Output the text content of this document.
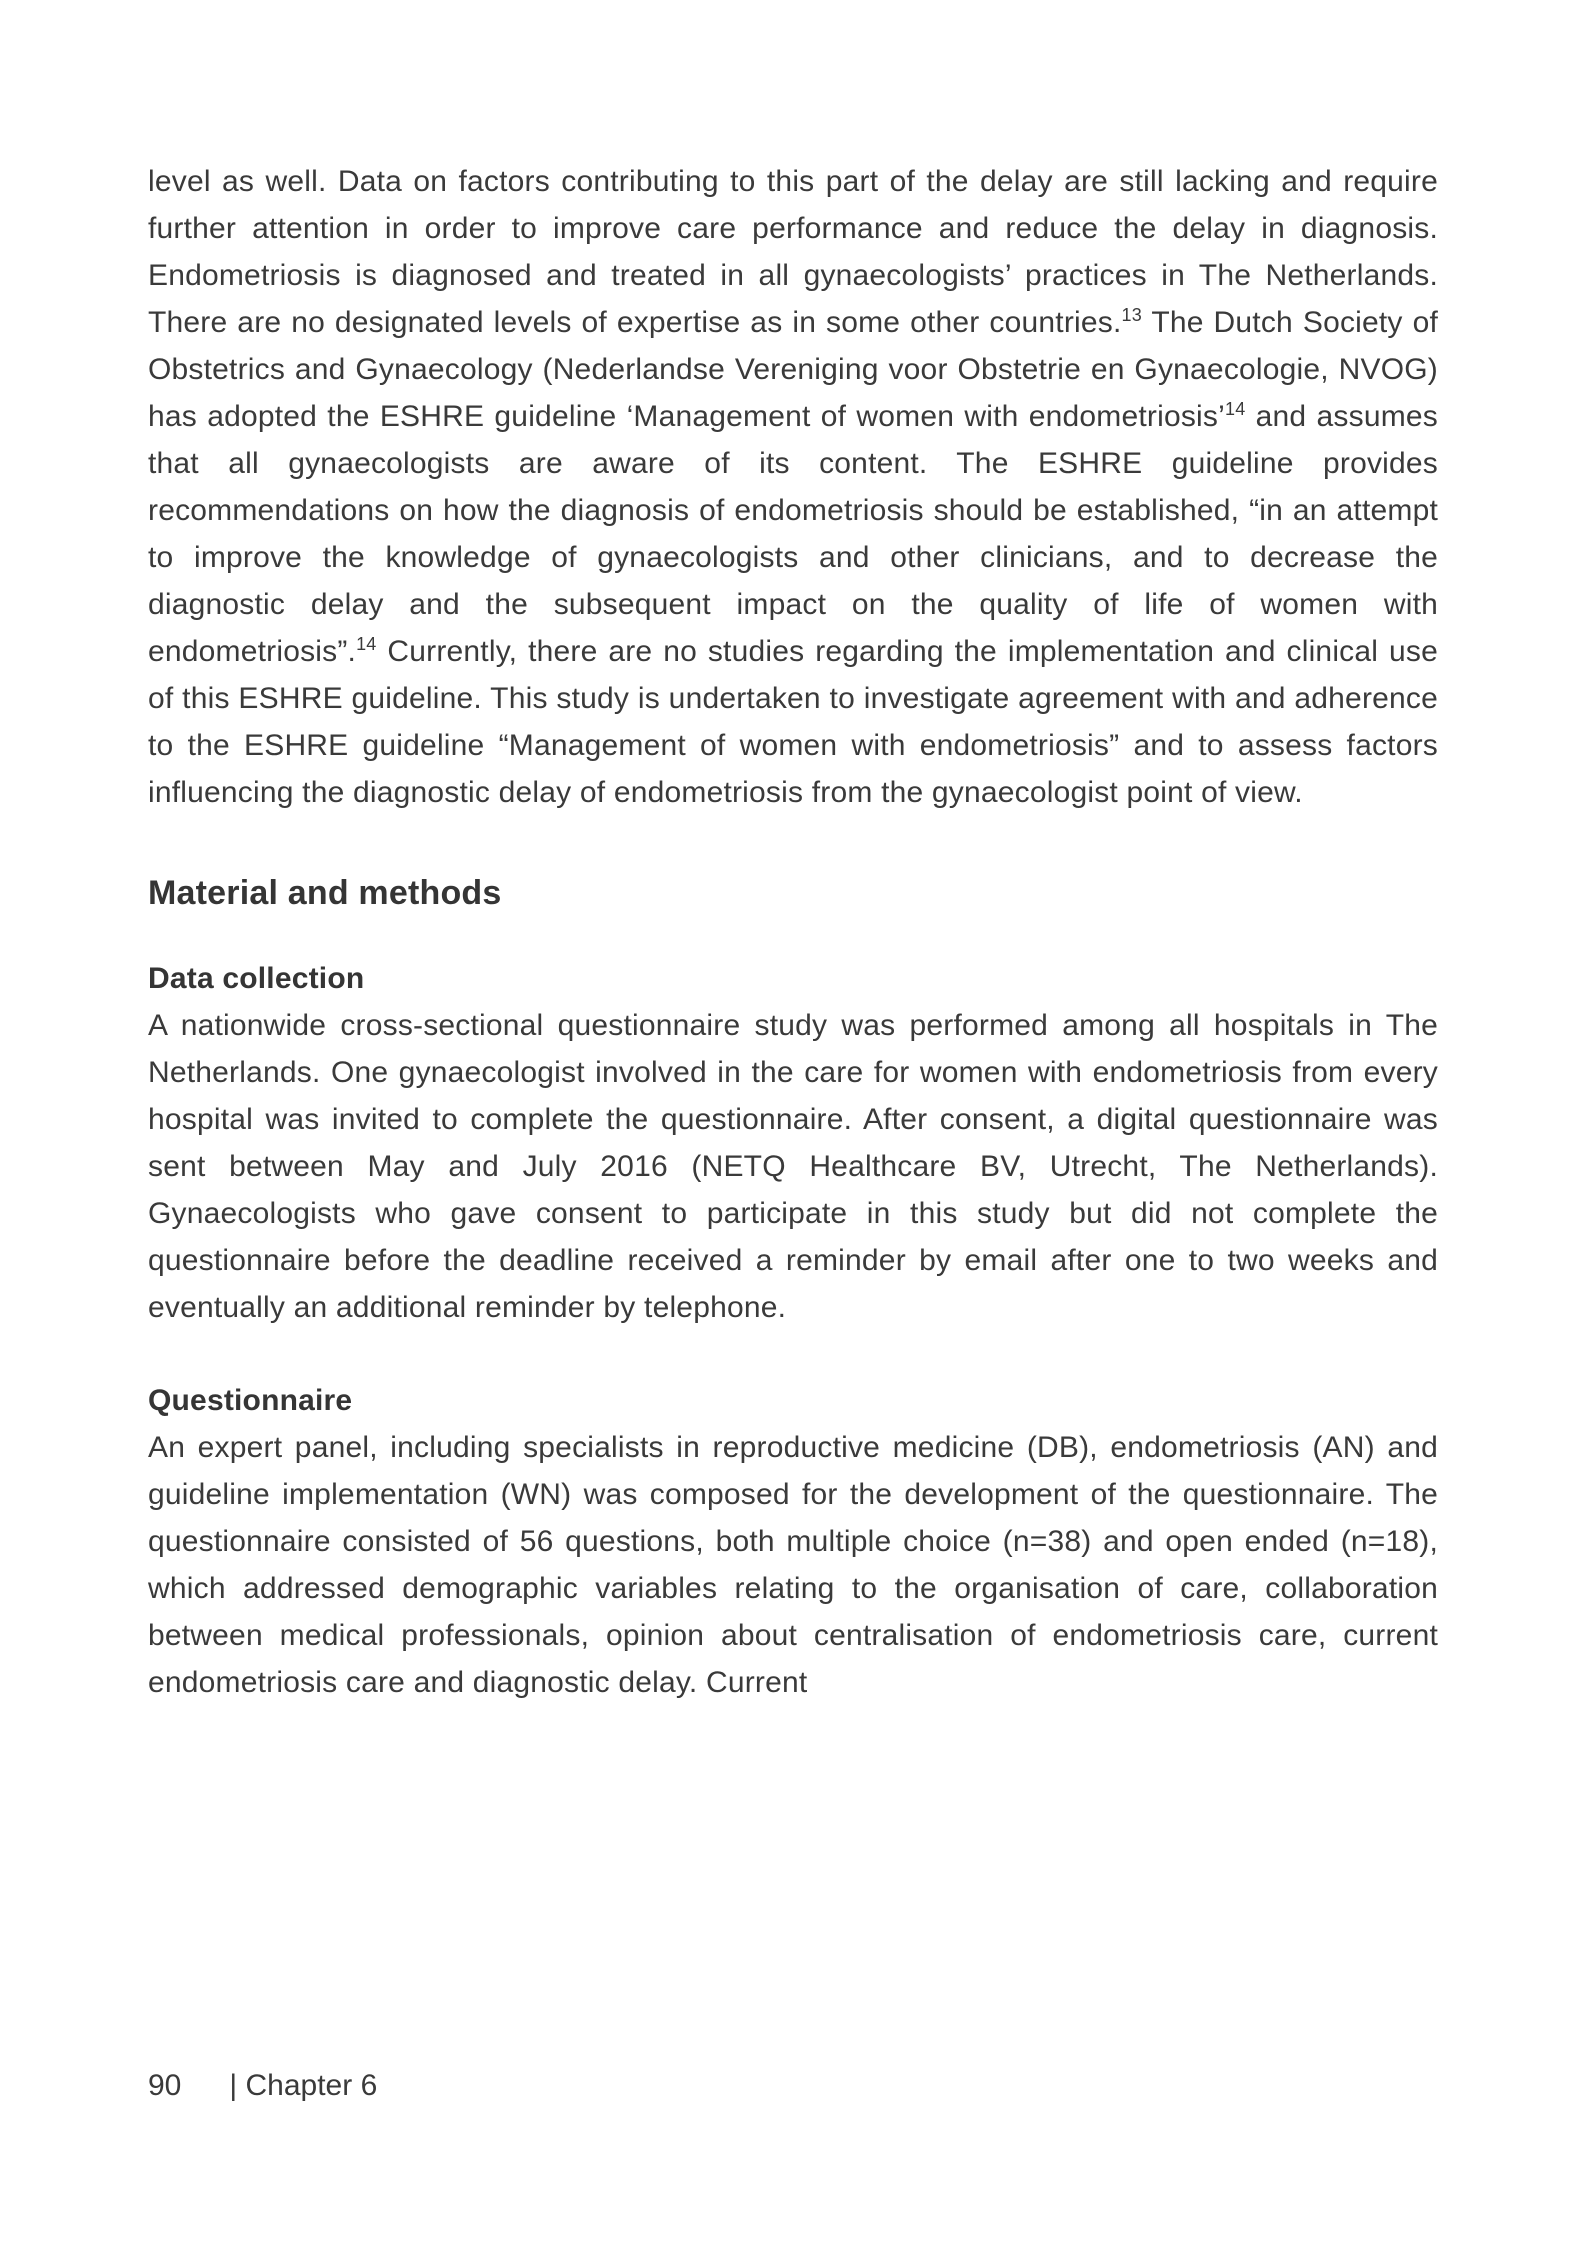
level as well. Data on factors contributing to this part of the delay are still lacking and require further attention in order to improve care performance and reduce the delay in diagnosis. Endometriosis is diagnosed and treated in all gynaecologists’ practices in The Netherlands. There are no designated levels of expertise as in some other countries.$^{13}$ The Dutch Society of Obstetrics and Gynaecology (Nederlandse Vereniging voor Obstetrie en Gynaecologie, NVOG) has adopted the ESHRE guideline ‘Management of women with endometriosis’$^{14}$ and assumes that all gynaecologists are aware of its content. The ESHRE guideline provides recommendations on how the diagnosis of endometriosis should be established, “in an attempt to improve the knowledge of gynaecologists and other clinicians, and to decrease the diagnostic delay and the subsequent impact on the quality of life of women with endometriosis”.$^{14}$ Currently, there are no studies regarding the implementation and clinical use of this ESHRE guideline. This study is undertaken to investigate agreement with and adherence to the ESHRE guideline “Management of women with endometriosis” and to assess factors influencing the diagnostic delay of endometriosis from the gynaecologist point of view.

Material and methods
Data collection

A nationwide cross-sectional questionnaire study was performed among all hospitals in The Netherlands. One gynaecologist involved in the care for women with endometriosis from every hospital was invited to complete the questionnaire. After consent, a digital questionnaire was sent between May and July 2016 (NETQ Healthcare BV, Utrecht, The Netherlands). Gynaecologists who gave consent to participate in this study but did not complete the questionnaire before the deadline received a reminder by email after one to two weeks and eventually an additional reminder by telephone.

Questionnaire

An expert panel, including specialists in reproductive medicine (DB), endometriosis (AN) and guideline implementation (WN) was composed for the development of the questionnaire. The questionnaire consisted of 56 questions, both multiple choice (n=38) and open ended (n=18), which addressed demographic variables relating to the organisation of care, collaboration between medical professionals, opinion about centralisation of endometriosis care, current endometriosis care and diagnostic delay. Current

90 | Chapter 6
